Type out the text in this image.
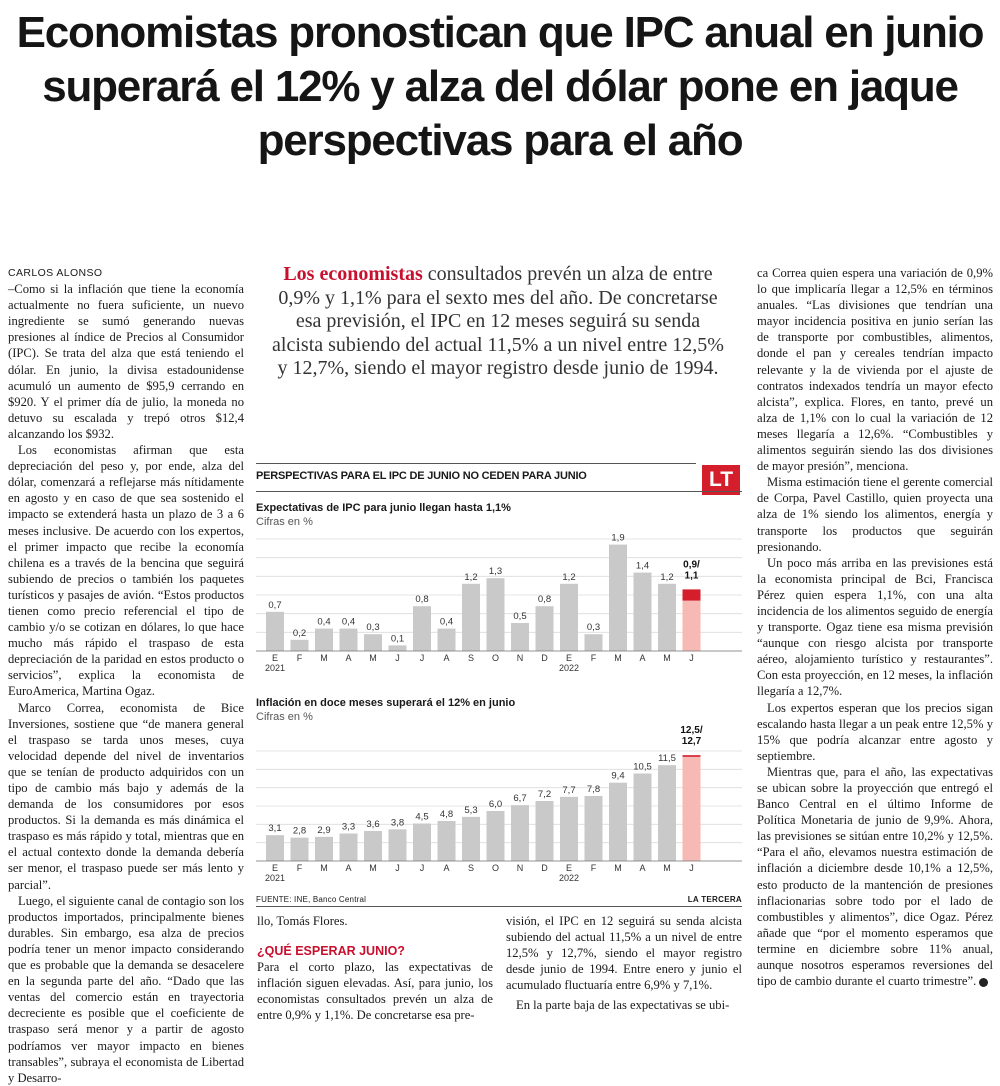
Economistas pronostican que IPC anual en junio superará el 12% y alza del dólar pone en jaque perspectivas para el año

CARLOS ALONSO

–Como si la inflación que tiene la economía actualmente no fuera suficiente, un nuevo ingrediente se sumó generando nuevas presiones al índice de Precios al Consumidor (IPC). Se trata del alza que está teniendo el dólar. En junio, la divisa estadounidense acumuló un aumento de $95,9 cerrando en $920. Y el primer día de julio, la moneda no detuvo su escalada y trepó otros $12,4 alcanzando los $932.

Los economistas afirman que esta depreciación del peso y, por ende, alza del dólar, comenzará a reflejarse más nítidamente en agosto y en caso de que sea sostenido el impacto se extenderá hasta un plazo de 3 a 6 meses inclusive. De acuerdo con los expertos, el primer impacto que recibe la economía chilena es a través de la bencina que seguirá subiendo de precios o también los paquetes turísticos y pasajes de avión. “Estos productos tienen como precio referencial el tipo de cambio y/o se cotizan en dólares, lo que hace mucho más rápido el traspaso de esta depreciación de la paridad en estos producto o servicios”, explica la economista de EuroAmerica, Martina Ogaz.

Marco Correa, economista de Bice Inversiones, sostiene que “de manera general el traspaso se tarda unos meses, cuya velocidad depende del nivel de inventarios que se tenían de producto adquiridos con un tipo de cambio más bajo y además de la demanda de los consumidores por esos productos. Si la demanda es más dinámica el traspaso es más rápido y total, mientras que en el actual contexto donde la demanda debería ser menor, el traspaso puede ser más lento y parcial”.

Luego, el siguiente canal de contagio son los productos importados, principalmente bienes durables. Sin embargo, esa alza de precios podría tener un menor impacto considerando que es probable que la demanda se desacelere en la segunda parte del año. “Dado que las ventas del comercio están en trayectoria decreciente es posible que el coeficiente de traspaso será menor y a partir de agosto podríamos ver mayor impacto en bienes transables”, subraya el economista de Libertad y Desarro-

Los economistas consultados prevén un alza de entre 0,9% y 1,1% para el sexto mes del año. De concretarse esa previsión, el IPC en 12 meses seguirá su senda alcista subiendo del actual 11,5% a un nivel entre 12,5% y 12,7%, siendo el mayor registro desde junio de 1994.
PERSPECTIVAS PARA EL IPC DE JUNIO NO CEDEN PARA JUNIO	LT
Expectativas de IPC para junio llegan hasta 1,1%
Cifras en %
0,7
E
0,2
F
0,4
M
0,4
A
0,3
M
0,1
J
0,8
J
0,4
A
1,2
S
1,3
O
0,5
N
0,8
D
1,2
E
0,3
F
1,9
M
1,4
A
1,2
M
0,9/
1,1
J
2021	2022
Inflación en doce meses superará el 12% en junio
Cifras en %
3,1
E
2,8
F
2,9
M
3,3
A
3,6
M
3,8
J
4,5
J
4,8
A
5,3
S
6,0
O
6,7
N
7,2
D
7,7
E
7,8
F
9,4
M
10,5
A
11,5
M
12,5/
12,7
J
2021	2022
FUENTE: INE, Banco Central	LA TERCERA

llo, Tomás Flores.

¿QUÉ ESPERAR JUNIO?

Para el corto plazo, las expectativas de inflación siguen elevadas. Así, para junio, los economistas consultados prevén un alza de entre 0,9% y 1,1%. De concretarse esa pre-

visión, el IPC en 12 seguirá su senda alcista subiendo del actual 11,5% a un nivel de entre 12,5% y 12,7%, siendo el mayor registro desde junio de 1994. Entre enero y junio el acumulado fluctuaría entre 6,9% y 7,1%.

En la parte baja de las expectativas se ubi-

ca Correa quien espera una variación de 0,9% lo que implicaría llegar a 12,5% en términos anuales. “Las divisiones que tendrían una mayor incidencia positiva en junio serían las de transporte por combustibles, alimentos, donde el pan y cereales tendrían impacto relevante y la de vivienda por el ajuste de contratos indexados tendría un mayor efecto alcista”, explica. Flores, en tanto, prevé un alza de 1,1% con lo cual la variación de 12 meses llegaría a 12,6%. “Combustibles y alimentos seguirán siendo las dos divisiones de mayor presión”, menciona.

Misma estimación tiene el gerente comercial de Corpa, Pavel Castillo, quien proyecta una alza de 1% siendo los alimentos, energía y transporte los productos que seguirán presionando.

Un poco más arriba en las previsiones está la economista principal de Bci, Francisca Pérez quien espera 1,1%, con una alta incidencia de los alimentos seguido de energía y transporte. Ogaz tiene esa misma previsión “aunque con riesgo alcista por transporte aéreo, alojamiento turístico y restaurantes”. Con esta proyección, en 12 meses, la inflación llegaría a 12,7%.

Los expertos esperan que los precios sigan escalando hasta llegar a un peak entre 12,5% y 15% que podría alcanzar entre agosto y septiembre.

Mientras que, para el año, las expectativas se ubican sobre la proyección que entregó el Banco Central en el último Informe de Política Monetaria de junio de 9,9%. Ahora, las previsiones se sitúan entre 10,2% y 12,5%. “Para el año, elevamos nuestra estimación de inflación a diciembre desde 10,1% a 12,5%, esto producto de la mantención de presiones inflacionarias sobre todo por el lado de combustibles y alimentos”, dice Ogaz. Pérez añade que “por el momento esperamos que termine en diciembre sobre 11% anual, aunque nosotros esperamos reversiones del tipo de cambio durante el cuarto trimestre”.
